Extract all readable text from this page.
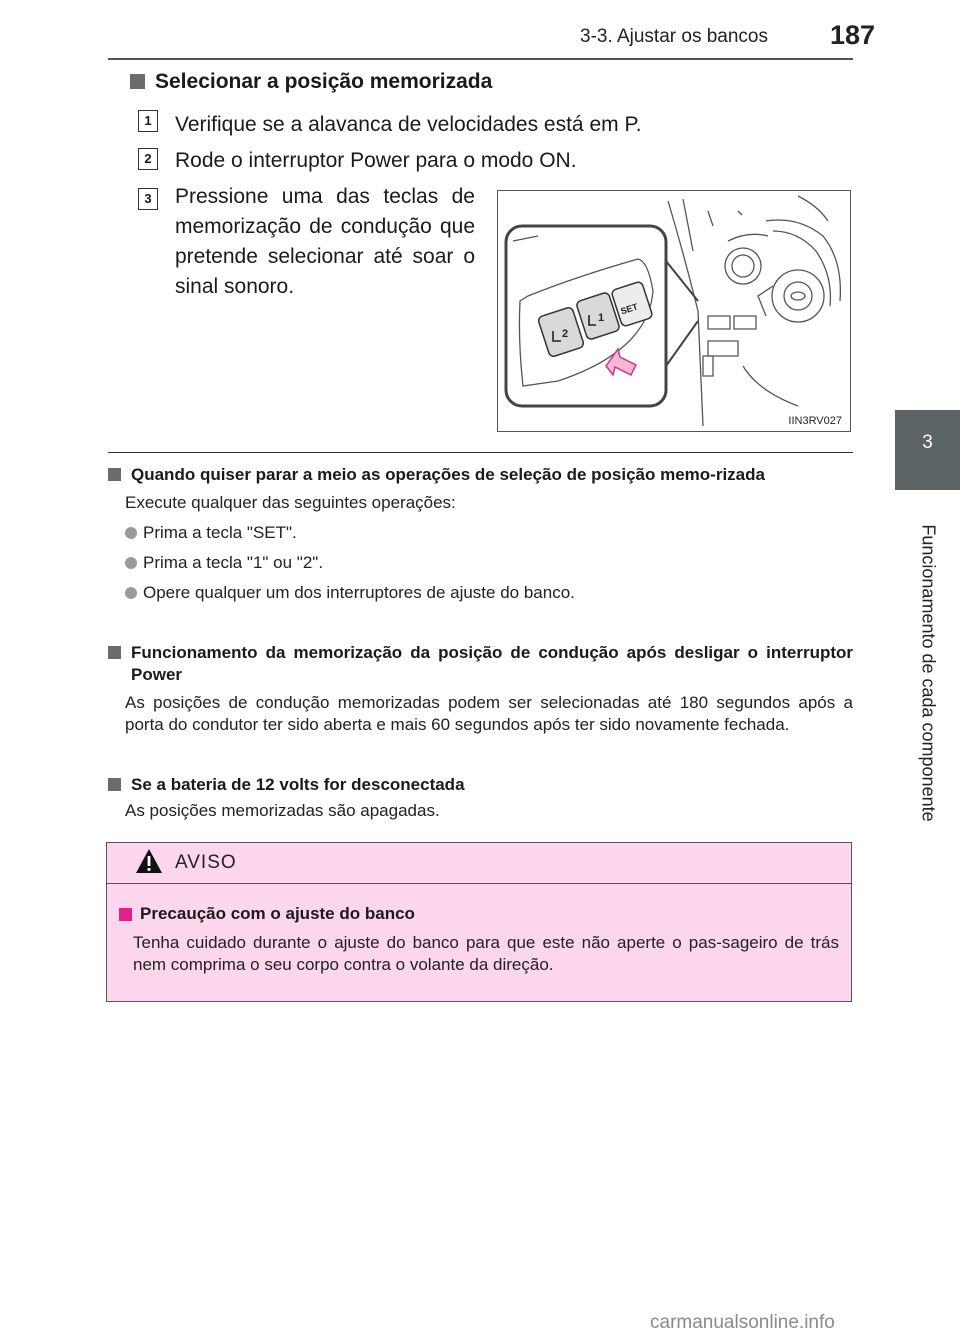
3-3. Ajustar os bancos 187
3
Funcionamento de cada componente
Selecionar a posição memorizada
1	Verifique se a alavanca de velocidades está em P.
2	Rode o interruptor Power para o modo ON.
3	Pressione uma das teclas de memorização de condução que pretende selecionar até soar o sinal sonoro.
2
1
SET
IIN3RV027
Quando quiser parar a meio as operações de seleção de posição memo-rizada
Execute qualquer das seguintes operações:
Prima a tecla "SET".
Prima a tecla "1" ou "2".
Opere qualquer um dos interruptores de ajuste do banco.
Funcionamento da memorização da posição de condução após desligar o interruptor Power
As posições de condução memorizadas podem ser selecionadas até 180 segundos após a porta do condutor ter sido aberta e mais 60 segundos após ter sido novamente fechada.
Se a bateria de 12 volts for desconectada
As posições memorizadas são apagadas.
AVISO
Precaução com o ajuste do banco
Tenha cuidado durante o ajuste do banco para que este não aperte o pas-sageiro de trás nem comprima o seu corpo contra o volante da direção.
carmanualsonline.info
